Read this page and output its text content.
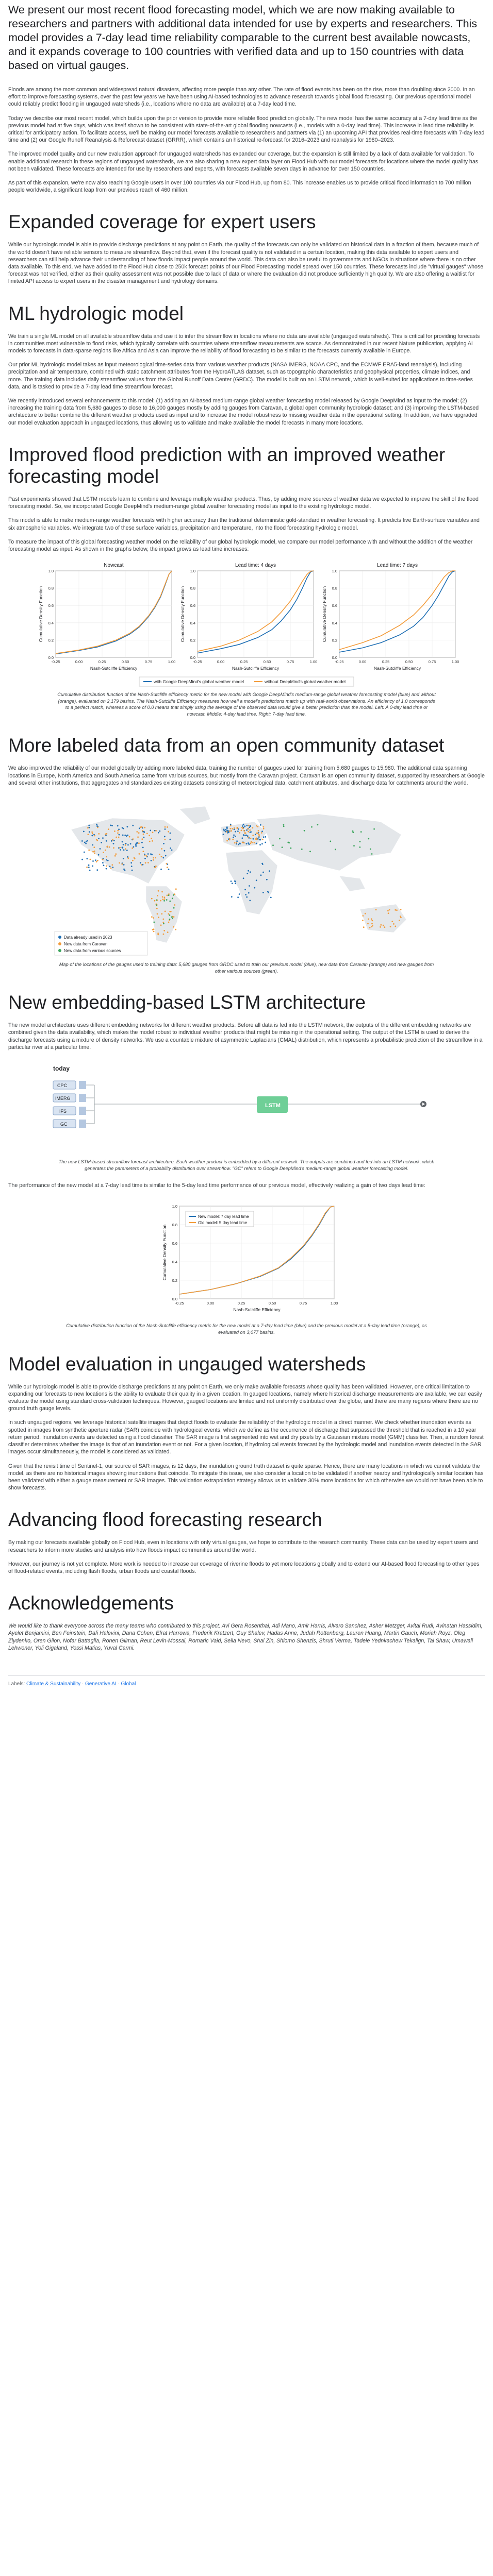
We present our most recent flood forecasting model, which we are now making available to researchers and partners with additional data intended for use by experts and researchers. This model provides a 7-day lead time reliability comparable to the current best available nowcasts, and it expands coverage to 100 countries with verified data and up to 150 countries with data based on virtual gauges.

Floods are among the most common and widespread natural disasters, affecting more people than any other. The rate of flood events has been on the rise, more than doubling since 2000. In an effort to improve forecasting systems, over the past few years we have been using AI-based technologies to advance research towards global flood forecasting. Our previous operational model could reliably predict flooding in ungauged watersheds (i.e., locations where no data are available) at a 7-day lead time.

Today we describe our most recent model, which builds upon the prior version to provide more reliable flood prediction globally. The new model has the same accuracy at a 7-day lead time as the previous model had at five days, which was itself shown to be consistent with state-of-the-art global flooding nowcasts (i.e., models with a 0-day lead time). This increase in lead time reliability is critical for anticipatory action. To facilitate access, we'll be making our model forecasts available to researchers and partners via (1) an upcoming API that provides real-time forecasts with 7-day lead time and (2) our Google Runoff Reanalysis & Reforecast dataset (GRRR), which contains an historical re-forecast for 2016–2023 and reanalysis for 1980–2023.

The improved model quality and our new evaluation approach for ungauged watersheds has expanded our coverage, but the expansion is still limited by a lack of data available for validation. To enable additional research in these regions of ungauged watersheds, we are also sharing a new expert data layer on Flood Hub with our model forecasts for locations where the model quality has not been validated. These forecasts are intended for use by researchers and experts, with forecasts available seven days in advance for over 150 countries.

As part of this expansion, we're now also reaching Google users in over 100 countries via our Flood Hub, up from 80. This increase enables us to provide critical flood information to 700 million people worldwide, a significant leap from our previous reach of 460 million.

Expanded coverage for expert users

While our hydrologic model is able to provide discharge predictions at any point on Earth, the quality of the forecasts can only be validated on historical data in a fraction of them, because much of the world doesn't have reliable sensors to measure streamflow. Beyond that, even if the forecast quality is not validated in a certain location, making this data available to expert users and researchers can still help advance their understanding of how floods impact people around the world. This data can also be useful to governments and NGOs in situations where there is no other data available. To this end, we have added to the Flood Hub close to 250k forecast points of our Flood Forecasting model spread over 150 countries. These forecasts include "virtual gauges" whose forecast was not verified, either as their quality assessment was not possible due to lack of data or where the evaluation did not produce sufficiently high quality. We are also offering a waitlist for limited API access to expert users in the disaster management and hydrology domains.

ML hydrologic model

We train a single ML model on all available streamflow data and use it to infer the streamflow in locations where no data are available (ungauged watersheds). This is critical for providing forecasts in communities most vulnerable to flood risks, which typically correlate with countries where streamflow measurements are scarce. As demonstrated in our recent Nature publication, applying AI models to forecasts in data-sparse regions like Africa and Asia can improve the reliability of flood forecasting to be similar to the forecasts currently available in Europe.

Our prior ML hydrologic model takes as input meteorological time-series data from various weather products (NASA IMERG, NOAA CPC, and the ECMWF ERA5-land reanalysis), including precipitation and air temperature, combined with static catchment attributes from the HydroATLAS dataset, such as topographic characteristics and geophysical properties, climate indices, and more. The training data includes daily streamflow values from the Global Runoff Data Center (GRDC). The model is built on an LSTM network, which is well-suited for applications to time-series data, and is tasked to provide a 7-day lead time streamflow forecast.

We recently introduced several enhancements to this model: (1) adding an AI-based medium-range global weather forecasting model released by Google DeepMind as input to the model; (2) increasing the training data from 5,680 gauges to close to 16,000 gauges mostly by adding gauges from Caravan, a global open community hydrologic dataset; and (3) improving the LSTM-based architecture to better combine the different weather products used as input and to increase the model robustness to missing weather data in the operational setting. In addition, we have upgraded our model evaluation approach in ungauged locations, thus allowing us to validate and make available the model forecasts in many more locations.

Improved flood prediction with an improved weather forecasting model

Past experiments showed that LSTM models learn to combine and leverage multiple weather products. Thus, by adding more sources of weather data we expected to improve the skill of the flood forecasting model. So, we incorporated Google DeepMind's medium-range global weather forecasting model as input to the existing hydrologic model.

This model is able to make medium-range weather forecasts with higher accuracy than the traditional deterministic gold-standard in weather forecasting. It predicts five Earth-surface variables and six atmospheric variables. We integrate two of these surface variables, precipitation and temperature, into the flood forecasting hydrologic model.

To measure the impact of this global forecasting weather model on the reliability of our global hydrologic model, we compare our model performance with and without the addition of the weather forecasting model as input. As shown in the graphs below, the impact grows as lead time increases:

-0.25	0.00	0.25	0.50	0.75	1.00
0.0
0.2
0.4
0.6
0.8
1.0
Nowcast
Nash-Sutcliffe Efficiency
Cumulative Density Function
-0.25	0.00	0.25	0.50	0.75	1.00
0.0
0.2
0.4
0.6
0.8
1.0
Lead time: 4 days
Nash-Sutcliffe Efficiency
Cumulative Density Function
-0.25	0.00	0.25	0.50	0.75	1.00
0.0
0.2
0.4
0.6
0.8
1.0
Lead time: 7 days
Nash-Sutcliffe Efficiency
Cumulative Density Function
with Google DeepMind's global weather model	without DeepMind's global weather model
Cumulative distribution function of the Nash-Sutcliffe efficiency metric for the new model with Google DeepMind's medium-range global weather forecasting model (blue) and without (orange), evaluated on 2,179 basins. The Nash-Sutcliffe Efficiency measures how well a model's predictions match up with real-world observations. An efficiency of 1.0 corresponds to a perfect match, whereas a score of 0.0 means that simply using the average of the observed data would give a better prediction than the model. Left: A 0-day lead time or nowcast. Middle: 4-day lead time. Right: 7-day lead time.
More labeled data from an open community dataset

We also improved the reliability of our model globally by adding more labeled data, training the number of gauges used for training from 5,680 gauges to 15,980. The additional data spanning locations in Europe, North America and South America came from various sources, but mostly from the Caravan project. Caravan is an open community dataset, supported by researchers at Google and several other institutions, that aggregates and standardizes existing datasets consisting of meteorological data, catchment attributes, and discharge data for catchments around the world.

Data already used in 2023
New data from Caravan
New data from various sources
Map of the locations of the gauges used to training data: 5,680 gauges from GRDC used to train our previous model (blue), new data from Caravan (orange) and new gauges from other various sources (green).
New embedding-based LSTM architecture

The new model architecture uses different embedding networks for different weather products. Before all data is fed into the LSTM network, the outputs of the different embedding networks are combined given the data availability, which makes the model robust to individual weather products that might be missing in the operational setting. The output of the LSTM is used to derive the discharge forecasts using a mixture of density networks. We use a countable mixture of asymmetric Laplacians (CMAL) distribution, which represents a probabilistic prediction of the streamflow in a particular river at a particular time.

today
CPC
IMERG
IFS
GC
LSTM
The new LSTM-based streamflow forecast architecture. Each weather product is embedded by a different network. The outputs are combined and fed into an LSTM network, which generates the parameters of a probability distribution over streamflow. "GC" refers to Google DeepMind's medium-range global weather forecasting model.

The performance of the new model at a 7-day lead time is similar to the 5-day lead time performance of our previous model, effectively realizing a gain of two days lead time:

-0.25	0.00	0.25	0.50	0.75	1.00
0.0
0.2
0.4
0.6
0.8
1.0
Nash-Sutcliffe Efficiency
Cumulative Density Function
New model: 7 day lead time
Old model: 5 day lead time
Cumulative distribution function of the Nash-Sutcliffe efficiency metric for the new model at a 7-day lead time (blue) and the previous model at a 5-day lead time (orange), as evaluated on 3,077 basins.
Model evaluation in ungauged watersheds

While our hydrologic model is able to provide discharge predictions at any point on Earth, we only make available forecasts whose quality has been validated. However, one critical limitation to expanding our forecasts to new locations is the ability to evaluate their quality in a given location. In gauged locations, namely where historical discharge measurements are available, we can easily evaluate the model using standard cross-validation techniques. However, gauged locations are limited and not uniformly distributed over the globe, and there are many regions where there are no ground truth gauge levels.

In such ungauged regions, we leverage historical satellite images that depict floods to evaluate the reliability of the hydrologic model in a direct manner. We check whether inundation events as spotted in images from synthetic aperture radar (SAR) coincide with hydrological events, which we define as the occurrence of discharge that surpassed the threshold that is reached in a 10 year return period. Inundation events are detected using a flood classifier. The SAR image is first segmented into wet and dry pixels by a Gaussian mixture model (GMM) classifier. Then, a random forest classifier determines whether the image is that of an inundation event or not. For a given location, if hydrological events forecast by the hydrologic model and inundation events detected in the SAR images occur simultaneously, the model is considered as validated.

Given that the revisit time of Sentinel-1, our source of SAR images, is 12 days, the inundation ground truth dataset is quite sparse. Hence, there are many locations in which we cannot validate the model, as there are no historical images showing inundations that coincide. To mitigate this issue, we also consider a location to be validated if another nearby and hydrologically similar location has been validated with either a gauge measurement or SAR images. This validation extrapolation strategy allows us to validate 30% more locations for which otherwise we would not have been able to show forecasts.

Advancing flood forecasting research

By making our forecasts available globally on Flood Hub, even in locations with only virtual gauges, we hope to contribute to the research community. These data can be used by expert users and researchers to inform more studies and analysis into how floods impact communities around the world.

However, our journey is not yet complete. More work is needed to increase our coverage of riverine floods to yet more locations globally and to extend our AI-based flood forecasting to other types of flood-related events, including flash floods, urban floods and coastal floods.

Acknowledgements

We would like to thank everyone across the many teams who contributed to this project: Avi Gera Rosenthal, Adi Mano, Amir Harris, Alvaro Sanchez, Asher Metzger, Avital Rudi, Avinatan Hassidim, Ayelet Benjamini, Ben Feinstein, Dafi Halevini, Dana Cohen, Efrat Harrowa, Frederik Kratzert, Guy Shalev, Hadas Anne, Judah Rottenberg, Lauren Huang, Martin Gauch, Moriah Royz, Oleg Zlydenko, Oren Gilon, Nofar Battaglia, Ronen Gilman, Reut Levin-Mossai, Romaric Vaid, Sella Nevo, Shai Zin, Shlomo Shenzis, Shruti Verma, Tadele Yednkachew Tekalign, Tal Shaw, Umawali Lehwoner, Yoli Gigaland, Yossi Matias, Yuval Carmi.

Labels: Climate & Sustainability · Generative AI · Global
